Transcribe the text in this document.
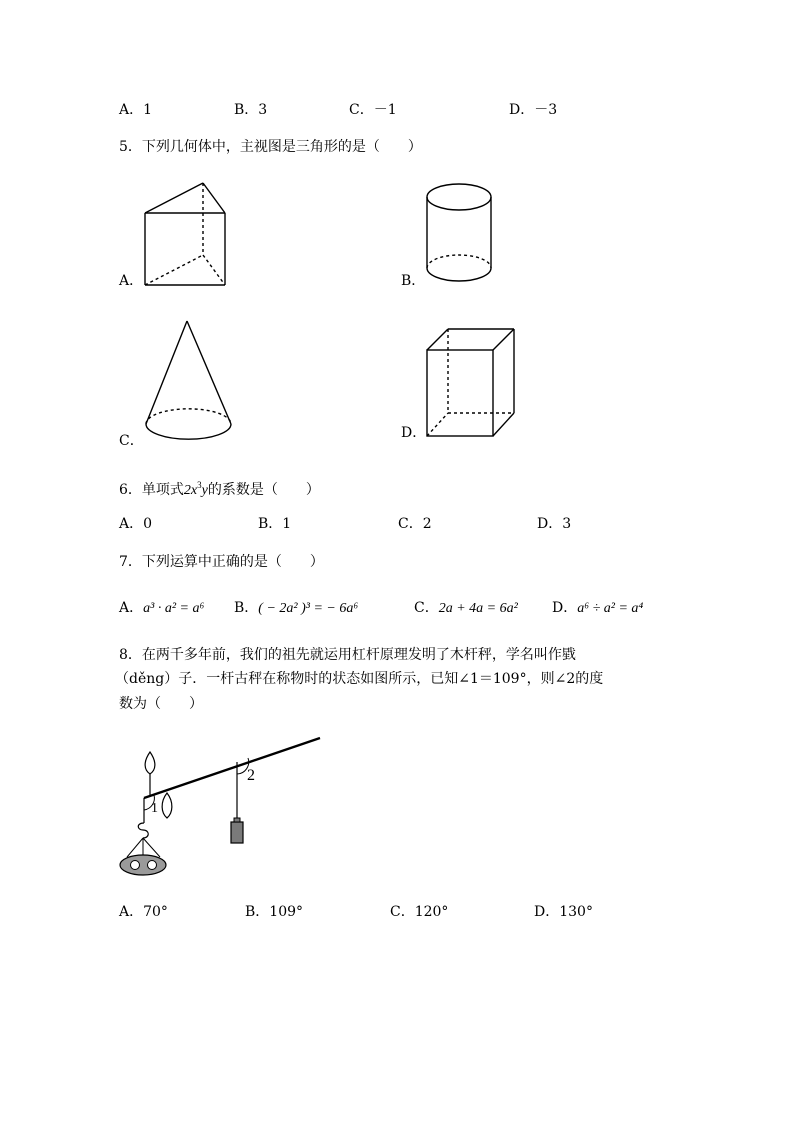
A．1	B．3	C．－1	D．－3
5．下列几何体中，主视图是三角形的是（　　）
A．	B．
C．	D．
6．单项式$2x^3y$的系数是（　　）
A．0	B．1	C．2	D．3
7．下列运算中正确的是（　　）
A．a³ · a² = a⁶ B．( − 2a² )³ = − 6a⁶	C．2a + 4a = 6a² D．a⁶ ÷ a² = a⁴
8．在两千多年前，我们的祖先就运用杠杆原理发明了木杆秤，学名叫作戥
（děng）子．一杆古秤在称物时的状态如图所示，已知∠1＝109°，则∠2的度
数为（　　）
1
2
A．70°	B．109°	C．120°	D．130°
